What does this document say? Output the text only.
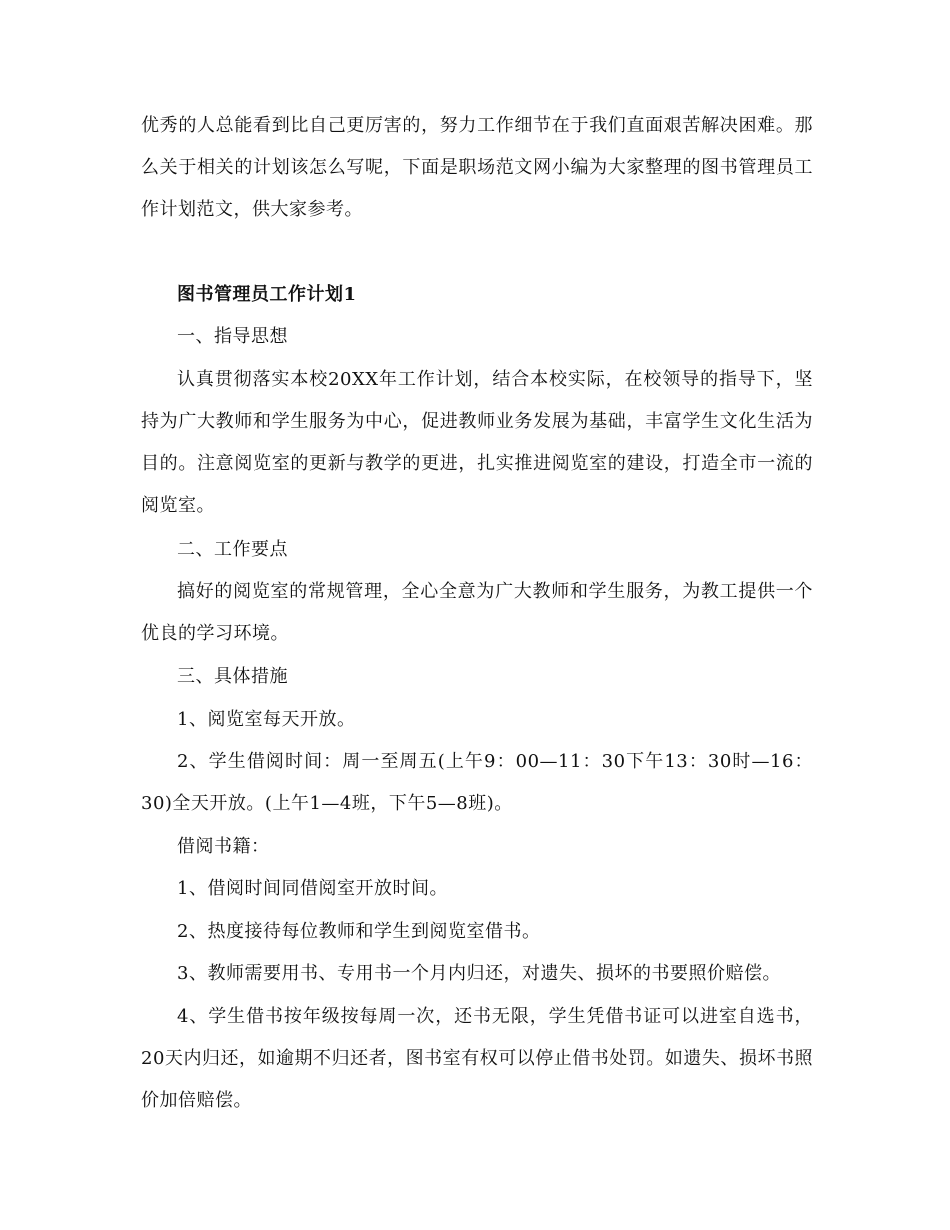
优秀的人总能看到比自己更厉害的，努力工作细节在于我们直面艰苦解决困难。那么关于相关的计划该怎么写呢，下面是职场范文网小编为大家整理的图书管理员工作计划范文，供大家参考。
图书管理员工作计划1
一、指导思想
认真贯彻落实本校20XX年工作计划，结合本校实际，在校领导的指导下，坚持为广大教师和学生服务为中心，促进教师业务发展为基础，丰富学生文化生活为目的。注意阅览室的更新与教学的更进，扎实推进阅览室的建设，打造全市一流的阅览室。
二、工作要点
搞好的阅览室的常规管理，全心全意为广大教师和学生服务，为教工提供一个优良的学习环境。
三、具体措施
1、阅览室每天开放。
2、学生借阅时间：周一至周五(上午9：00—11：30下午13：30时—16：30)全天开放。(上午1—4班，下午5—8班)。
借阅书籍：
1、借阅时间同借阅室开放时间。
2、热度接待每位教师和学生到阅览室借书。
3、教师需要用书、专用书一个月内归还，对遗失、损坏的书要照价赔偿。
4、学生借书按年级按每周一次，还书无限，学生凭借书证可以进室自选书，20天内归还，如逾期不归还者，图书室有权可以停止借书处罚。如遗失、损坏书照价加倍赔偿。
